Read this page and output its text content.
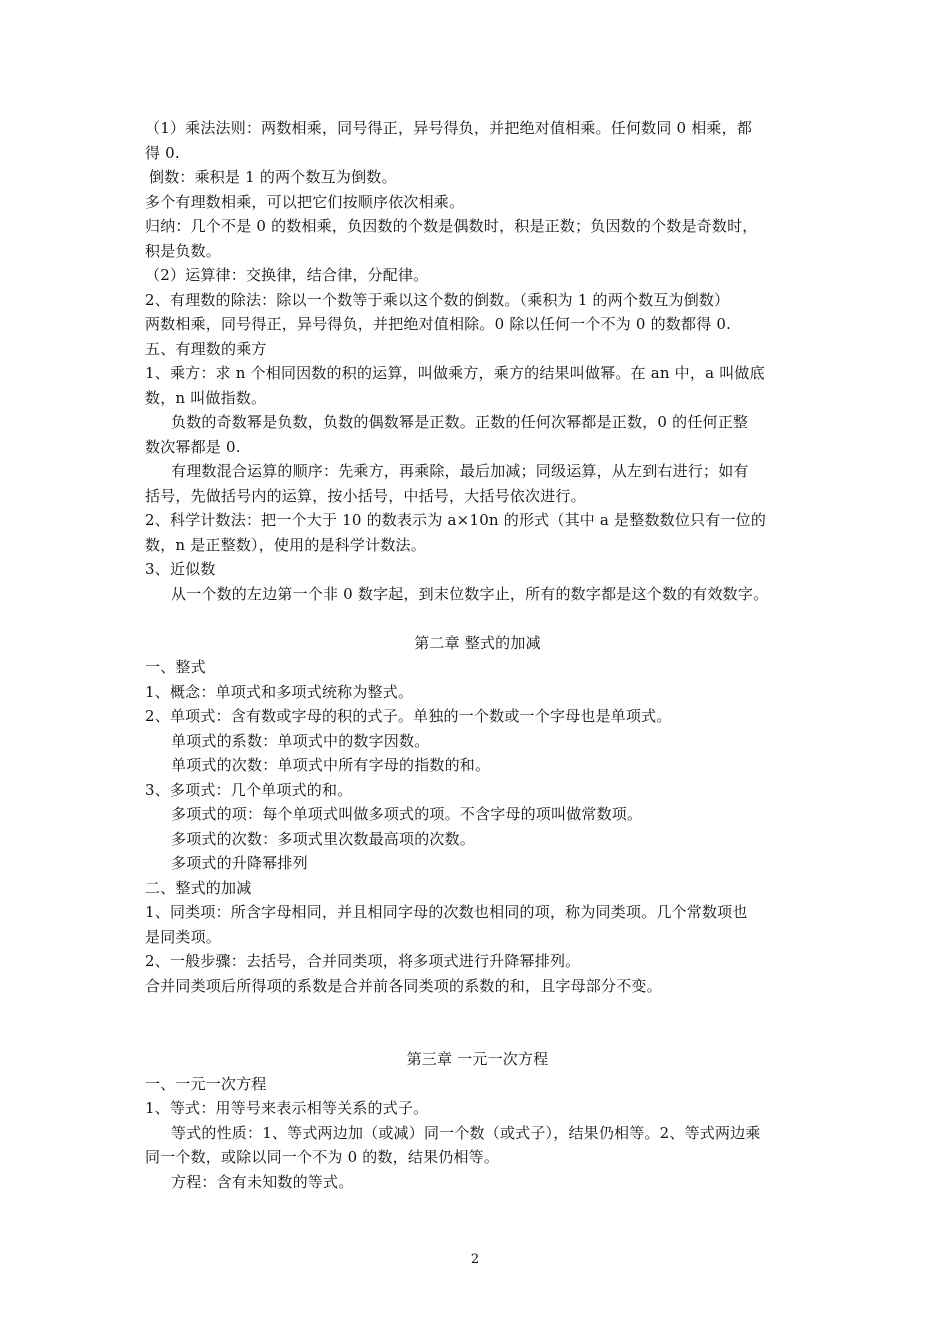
（1）乘法法则：两数相乘，同号得正，异号得负，并把绝对值相乘。任何数同 0 相乘，都
得 0.
倒数：乘积是 1 的两个数互为倒数。
多个有理数相乘，可以把它们按顺序依次相乘。
归纳：几个不是 0 的数相乘，负因数的个数是偶数时，积是正数；负因数的个数是奇数时，
积是负数。
（2）运算律：交换律，结合律，分配律。
2、有理数的除法：除以一个数等于乘以这个数的倒数。（乘积为 1 的两个数互为倒数）
两数相乘，同号得正，异号得负，并把绝对值相除。0 除以任何一个不为 0 的数都得 0.
五、有理数的乘方
1、乘方：求 n 个相同因数的积的运算，叫做乘方，乘方的结果叫做幂。在 an 中，a 叫做底
数，n 叫做指数。
负数的奇数幂是负数，负数的偶数幂是正数。正数的任何次幂都是正数，0 的任何正整
数次幂都是 0.
有理数混合运算的顺序：先乘方，再乘除，最后加减；同级运算，从左到右进行；如有
括号，先做括号内的运算，按小括号，中括号，大括号依次进行。
2、科学计数法：把一个大于 10 的数表示为 a×10n 的形式（其中 a 是整数数位只有一位的
数，n 是正整数），使用的是科学计数法。
3、近似数
从一个数的左边第一个非 0 数字起，到末位数字止，所有的数字都是这个数的有效数字。
第二章 整式的加减
一、整式
1、概念：单项式和多项式统称为整式。
2、单项式：含有数或字母的积的式子。单独的一个数或一个字母也是单项式。
单项式的系数：单项式中的数字因数。
单项式的次数：单项式中所有字母的指数的和。
3、多项式：几个单项式的和。
多项式的项：每个单项式叫做多项式的项。不含字母的项叫做常数项。
多项式的次数：多项式里次数最高项的次数。
多项式的升降幂排列
二、整式的加减
1、同类项：所含字母相同，并且相同字母的次数也相同的项，称为同类项。几个常数项也
是同类项。
2、一般步骤：去括号，合并同类项，将多项式进行升降幂排列。
合并同类项后所得项的系数是合并前各同类项的系数的和，且字母部分不变。
第三章 一元一次方程
一、一元一次方程
1、等式：用等号来表示相等关系的式子。
等式的性质：1、等式两边加（或减）同一个数（或式子），结果仍相等。2、等式两边乘
同一个数，或除以同一个不为 0 的数，结果仍相等。
方程：含有未知数的等式。
2
